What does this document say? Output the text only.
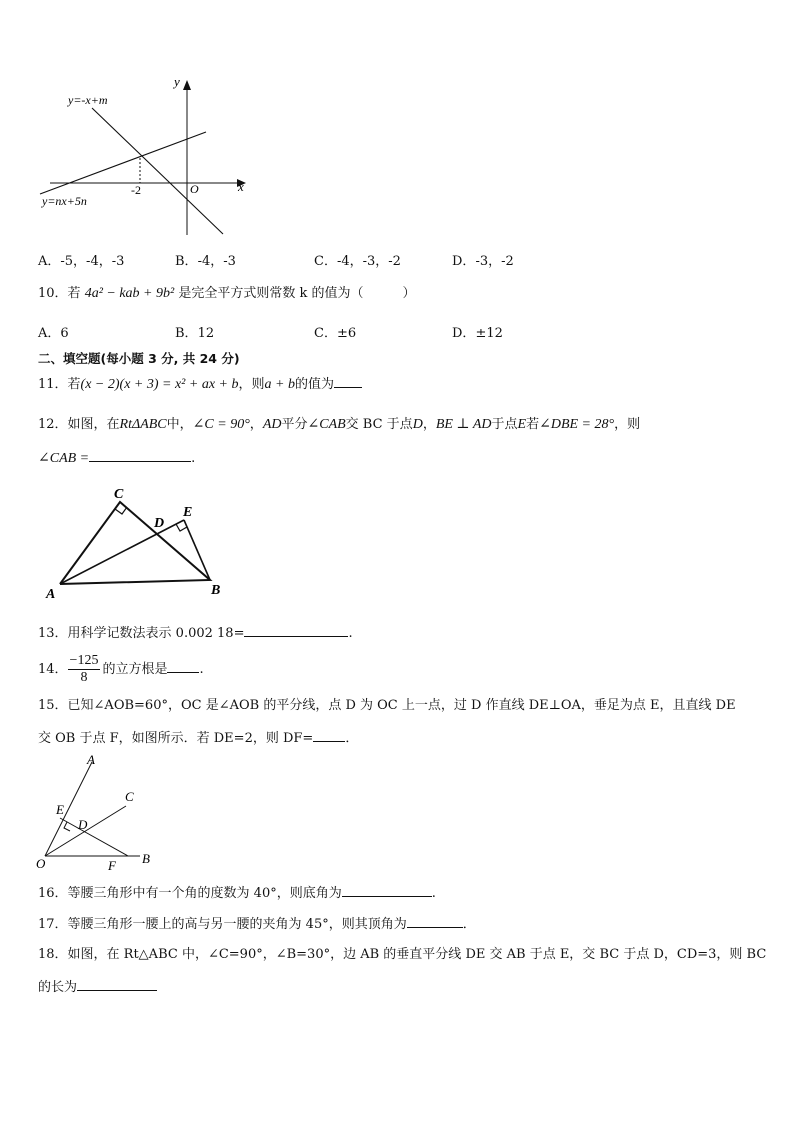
y
x
O
-2
y=-x+m
y=nx+5n
A．-5，-4，-3	B．-4，-3	C．-4，-3，-2	D．-3，-2
10．若 4a² − kab + 9b² 是完全平方式则常数 k 的值为（　　　）
A．6	B．12	C．±6	D．±12
二、填空题(每小题 3 分, 共 24 分)
11．若(x − 2)(x + 3) = x² + ax + b，则a + b的值为
12．如图，在RtΔABC中，∠C = 90°，AD平分∠CAB交 BC 于点D，BE ⊥ AD于点E若∠DBE = 28°，则
∠CAB =	.
C
D
E
A	B
13．用科学记数法表示 0.002 18=	.
14． $\frac{-125}{8}$ 的立方根是 .
15．已知∠AOB=60°，OC 是∠AOB 的平分线，点 D 为 OC 上一点，过 D 作直线 DE⊥OA，垂足为点 E，且直线 DE
交 OB 于点 F，如图所示．若 DE=2，则 DF= ．
A
C
E
D
O	F B
16．等腰三角形中有一个角的度数为 40°，则底角为	.
17．等腰三角形一腰上的高与另一腰的夹角为 45°，则其顶角为	．
18．如图，在 Rt△ABC 中，∠C=90°，∠B=30°，边 AB 的垂直平分线 DE 交 AB 于点 E，交 BC 于点 D，CD=3，则 BC
的长为
